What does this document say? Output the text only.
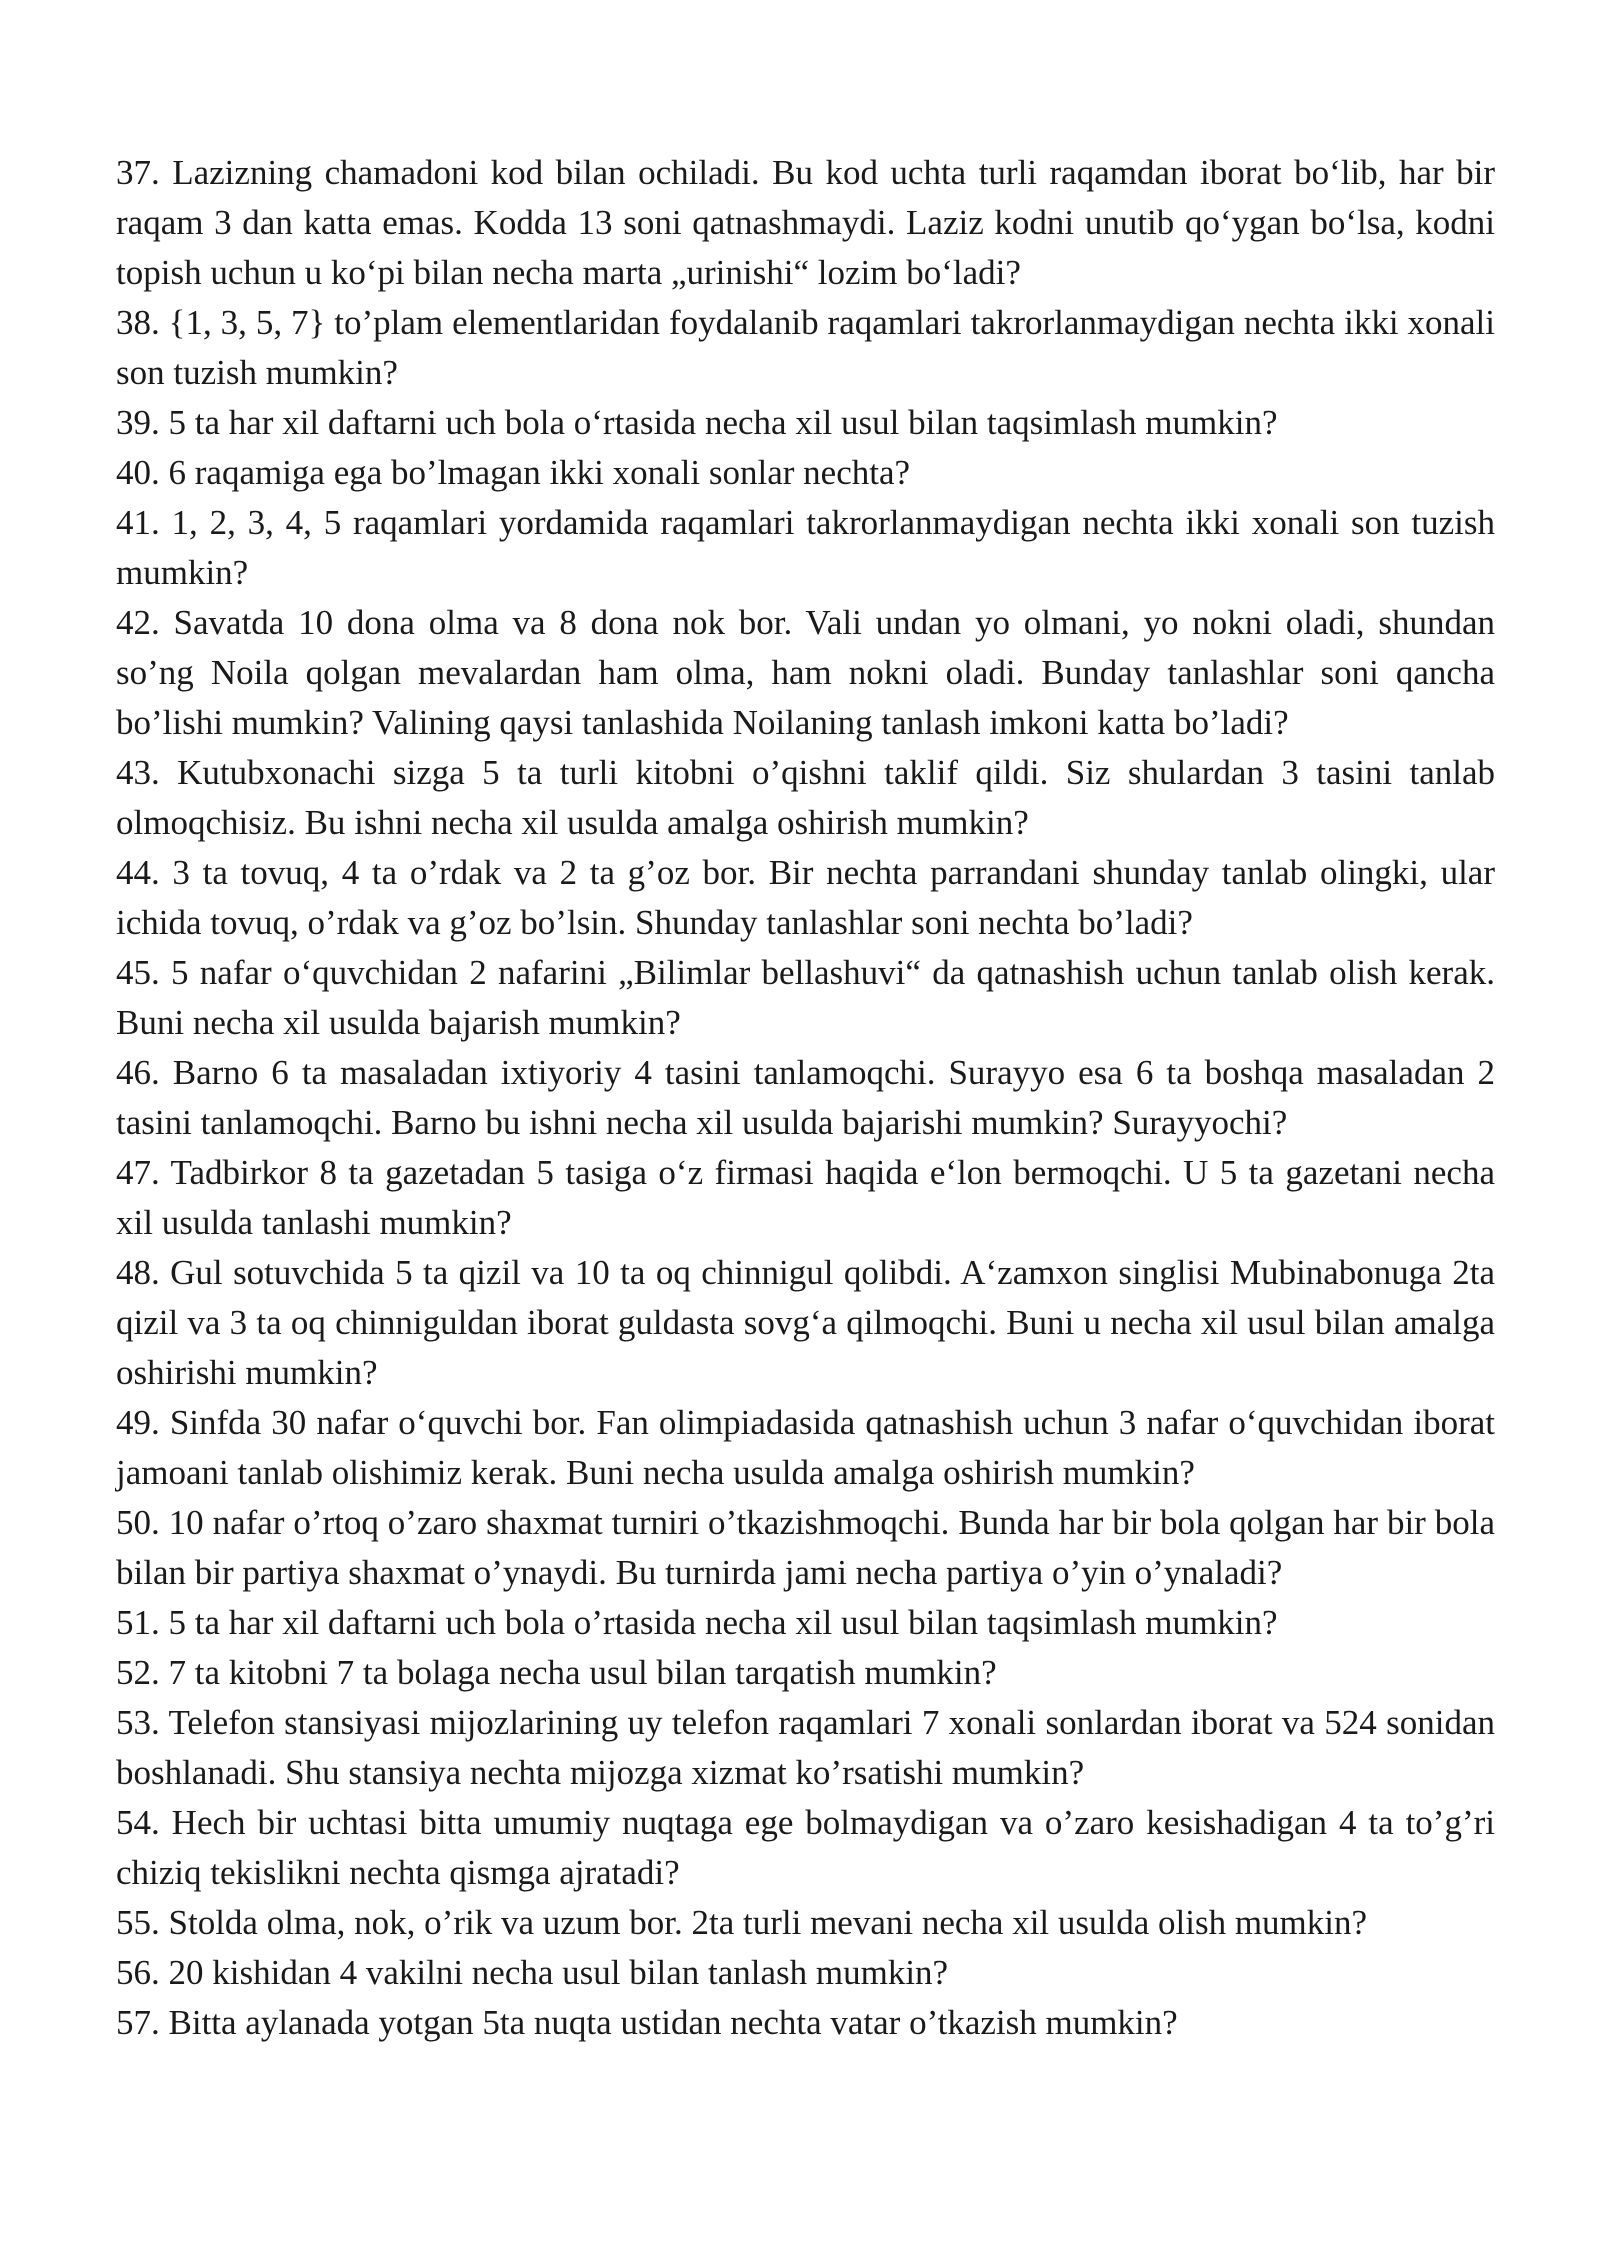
37. Lazizning chamadoni kod bilan ochiladi. Bu kod uchta turli raqamdan iborat bo‘lib, har bir raqam 3 dan katta emas. Kodda 13 soni qatnashmaydi. Laziz kodni unutib qo‘ygan bo‘lsa, kodni topish uchun u ko‘pi bilan necha marta „urinishi“ lozim bo‘ladi?

38. {1, 3, 5, 7} to’plam elementlaridan foydalanib raqamlari takrorlanmaydigan nechta ikki xonali son tuzish mumkin?

39. 5 ta har xil daftarni uch bola o‘rtasida necha xil usul bilan taqsimlash mumkin?

40. 6 raqamiga ega bo’lmagan ikki xonali sonlar nechta?

41. 1, 2, 3, 4, 5 raqamlari yordamida raqamlari takrorlanmaydigan nechta ikki xonali son tuzish mumkin?

42. Savatda 10 dona olma va 8 dona nok bor. Vali undan yo olmani, yo nokni oladi, shundan so’ng Noila qolgan mevalardan ham olma, ham nokni oladi. Bunday tanlashlar soni qancha bo’lishi mumkin? Valining qaysi tanlashida Noilaning tanlash imkoni katta bo’ladi?

43. Kutubxonachi sizga 5 ta turli kitobni o’qishni taklif qildi. Siz shulardan 3 tasini tanlab olmoqchisiz. Bu ishni necha xil usulda amalga oshirish mumkin?

44. 3 ta tovuq, 4 ta o’rdak va 2 ta g’oz bor. Bir nechta parrandani shunday tanlab olingki, ular ichida tovuq, o’rdak va g’oz bo’lsin. Shunday tanlashlar soni nechta bo’ladi?

45. 5 nafar o‘quvchidan 2 nafarini „Bilimlar bellashuvi“ da qatnashish uchun tanlab olish kerak. Buni necha xil usulda bajarish mumkin?

46. Barno 6 ta masaladan ixtiyoriy 4 tasini tanlamoqchi. Surayyo esa 6 ta boshqa masaladan 2 tasini tanlamoqchi. Barno bu ishni necha xil usulda bajarishi mumkin? Surayyochi?

47. Tadbirkor 8 ta gazetadan 5 tasiga o‘z firmasi haqida e‘lon bermoqchi. U 5 ta gazetani necha xil usulda tanlashi mumkin?

48. Gul sotuvchida 5 ta qizil va 10 ta oq chinnigul qolibdi. A‘zamxon singlisi Mubinabonuga 2ta qizil va 3 ta oq chinniguldan iborat guldasta sovg‘a qilmoqchi. Buni u necha xil usul bilan amalga oshirishi mumkin?

49. Sinfda 30 nafar o‘quvchi bor. Fan olimpiadasida qatnashish uchun 3 nafar o‘quvchidan iborat jamoani tanlab olishimiz kerak. Buni necha usulda amalga oshirish mumkin?

50. 10 nafar o’rtoq o’zaro shaxmat turniri o’tkazishmoqchi. Bunda har bir bola qolgan har bir bola bilan bir partiya shaxmat o’ynaydi. Bu turnirda jami necha partiya o’yin o’ynaladi?

51. 5 ta har xil daftarni uch bola o’rtasida necha xil usul bilan taqsimlash mumkin?

52. 7 ta kitobni 7 ta bolaga necha usul bilan tarqatish mumkin?

53. Telefon stansiyasi mijozlarining uy telefon raqamlari 7 xonali sonlardan iborat va 524 sonidan boshlanadi. Shu stansiya nechta mijozga xizmat ko’rsatishi mumkin?

54. Hech bir uchtasi bitta umumiy nuqtaga ege bolmaydigan va o’zaro kesishadigan 4 ta to’g’ri chiziq tekislikni nechta qismga ajratadi?

55. Stolda olma, nok, o’rik va uzum bor. 2ta turli mevani necha xil usulda olish mumkin?

56. 20 kishidan 4 vakilni necha usul bilan tanlash mumkin?

57. Bitta aylanada yotgan 5ta nuqta ustidan nechta vatar o’tkazish mumkin?
